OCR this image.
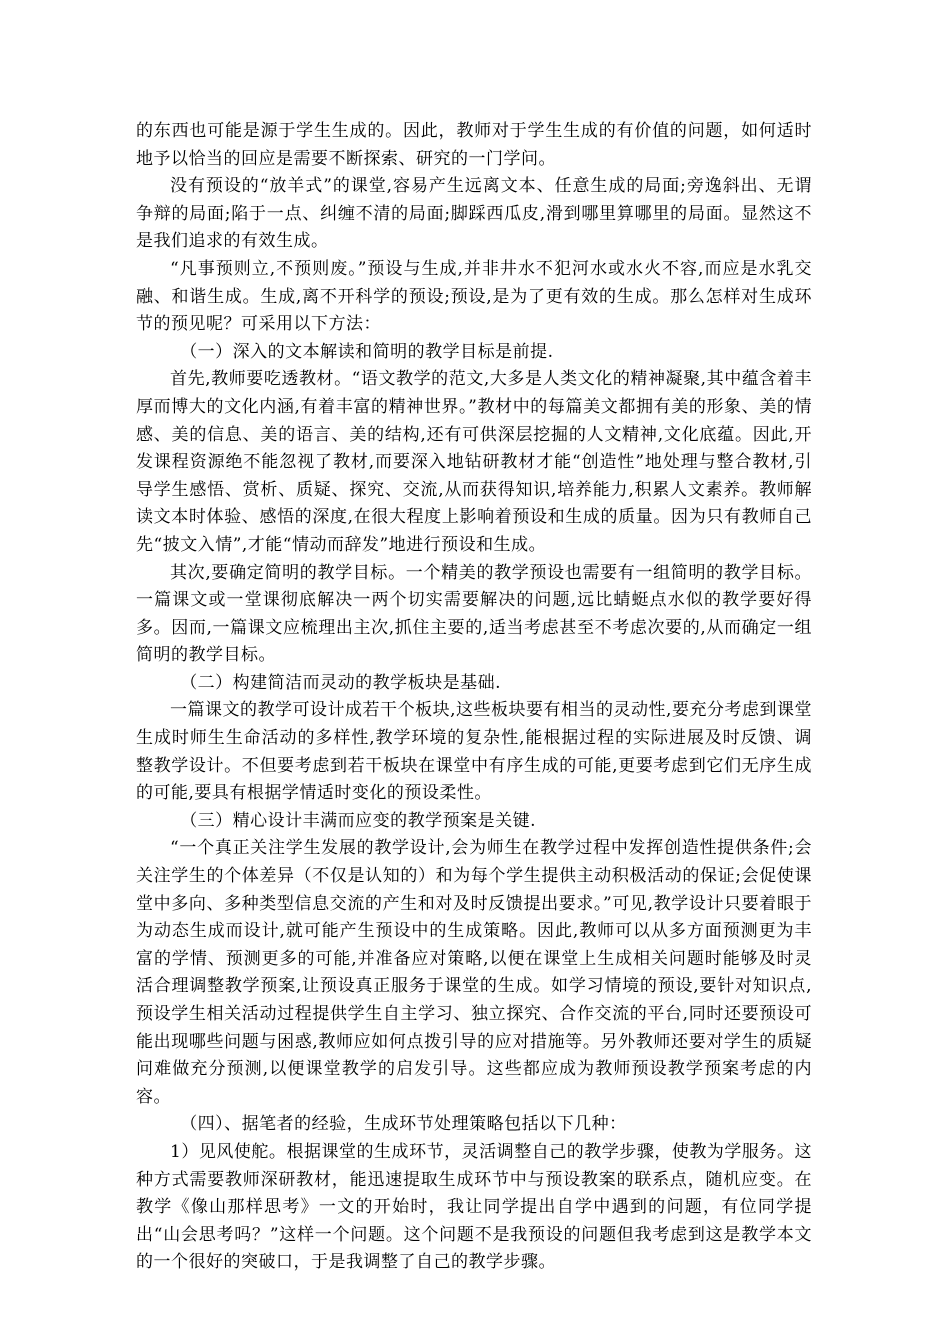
的东西也可能是源于学生生成的。因此，教师对于学生生成的有价值的问题，如何适时地予以恰当的回应是需要不断探索、研究的一门学问。

没有预设的“放羊式”的课堂,容易产生远离文本、任意生成的局面;旁逸斜出、无谓争辩的局面;陷于一点、纠缠不清的局面;脚踩西瓜皮,滑到哪里算哪里的局面。显然这不是我们追求的有效生成。

“凡事预则立,不预则废。”预设与生成,并非井水不犯河水或水火不容,而应是水乳交融、和谐生成。生成,离不开科学的预设;预设,是为了更有效的生成。那么怎样对生成环节的预见呢？可采用以下方法：

（一）深入的文本解读和简明的教学目标是前提.

首先,教师要吃透教材。“语文教学的范文,大多是人类文化的精神凝聚,其中蕴含着丰厚而博大的文化内涵,有着丰富的精神世界。”教材中的每篇美文都拥有美的形象、美的情感、美的信息、美的语言、美的结构,还有可供深层挖掘的人文精神,文化底蕴。因此,开发课程资源绝不能忽视了教材,而要深入地钻研教材才能“创造性”地处理与整合教材,引导学生感悟、赏析、质疑、探究、交流,从而获得知识,培养能力,积累人文素养。教师解读文本时体验、感悟的深度,在很大程度上影响着预设和生成的质量。因为只有教师自己先“披文入情”,才能“情动而辞发”地进行预设和生成。

其次,要确定简明的教学目标。一个精美的教学预设也需要有一组简明的教学目标。一篇课文或一堂课彻底解决一两个切实需要解决的问题,远比蜻蜓点水似的教学要好得多。因而,一篇课文应梳理出主次,抓住主要的,适当考虑甚至不考虑次要的,从而确定一组简明的教学目标。

（二）构建简洁而灵动的教学板块是基础.

一篇课文的教学可设计成若干个板块,这些板块要有相当的灵动性,要充分考虑到课堂生成时师生生命活动的多样性,教学环境的复杂性,能根据过程的实际进展及时反馈、调整教学设计。不但要考虑到若干板块在课堂中有序生成的可能,更要考虑到它们无序生成的可能,要具有根据学情适时变化的预设柔性。

（三）精心设计丰满而应变的教学预案是关键.

“一个真正关注学生发展的教学设计,会为师生在教学过程中发挥创造性提供条件;会关注学生的个体差异（不仅是认知的）和为每个学生提供主动积极活动的保证;会促使课堂中多向、多种类型信息交流的产生和对及时反馈提出要求。”可见,教学设计只要着眼于为动态生成而设计,就可能产生预设中的生成策略。因此,教师可以从多方面预测更为丰富的学情、预测更多的可能,并准备应对策略,以便在课堂上生成相关问题时能够及时灵活合理调整教学预案,让预设真正服务于课堂的生成。如学习情境的预设,要针对知识点,预设学生相关活动过程提供学生自主学习、独立探究、合作交流的平台,同时还要预设可能出现哪些问题与困惑,教师应如何点拨引导的应对措施等。另外教师还要对学生的质疑问难做充分预测,以便课堂教学的启发引导。这些都应成为教师预设教学预案考虑的内容。

（四）、据笔者的经验，生成环节处理策略包括以下几种：

1）见风使舵。根据课堂的生成环节，灵活调整自己的教学步骤，使教为学服务。这种方式需要教师深研教材，能迅速提取生成环节中与预设教案的联系点，随机应变。在教学《像山那样思考》一文的开始时，我让同学提出自学中遇到的问题，有位同学提出“山会思考吗？”这样一个问题。这个问题不是我预设的问题但我考虑到这是教学本文的一个很好的突破口，于是我调整了自己的教学步骤。
